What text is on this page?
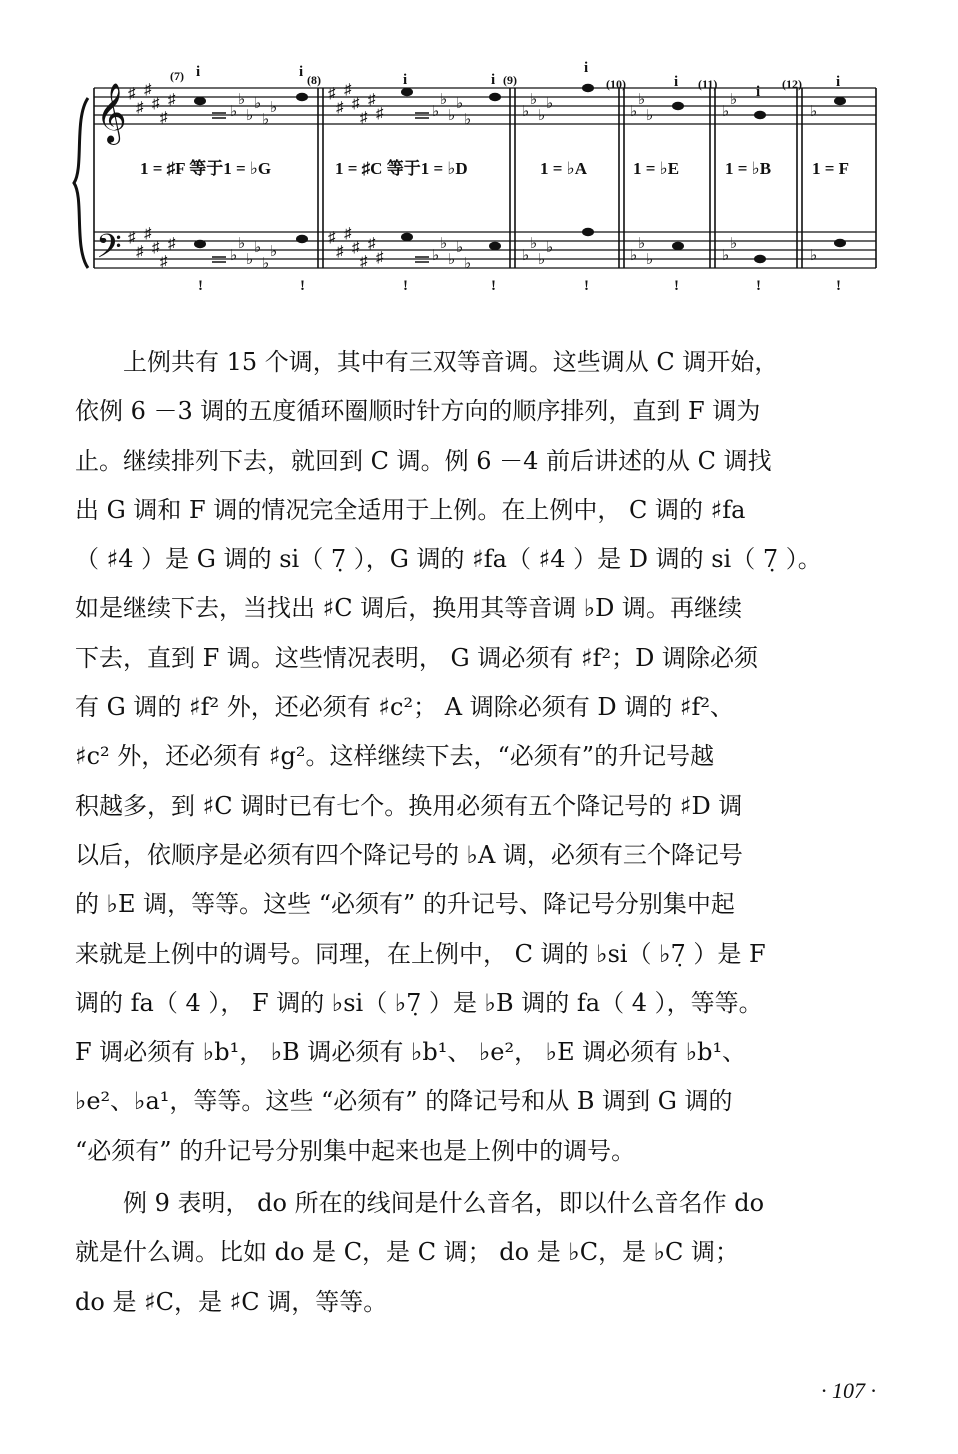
𝄞
𝄢
♯
♯
♯
♯
♯
♯
♭
♭
♭
♭
♭
♭
♯
♯
♯
♯
♯
♯
♯	♭
♭
♭
♭
♭	♭
♭
♭
♭	♭
♭
♭	♭
♭
♭
i	i	i	i
i
i
i
i
♯
♯
♯
♯
♯
♯
♭
♭
♭
♭
♭
♭
♯
♯
♯
♯
♯
♯
♯	♭
♭
♭
♭
♭	♭
♭
♭
♭	♭
♭
♭	♭
♭
♭
!	!	!	!	!	!	!	!
(7)	(8)	(9)	(10)	(11)	(12)
1 = ♯F 等于1 = ♭G	1 = ♯C 等于1 = ♭D	1 = ♭A	1 = ♭E	1 = ♭B 1 = F

　　上例共有 15 个调，其中有三双等音调。这些调从 C 调开始，
依例 6 －3 调的五度循环圈顺时针方向的顺序排列，直到 F 调为
止。继续排列下去，就回到 C 调。例 6 －4 前后讲述的从 C 调找
出 G 调和 F 调的情况完全适用于上例。在上例中， C 调的 ♯fa
（ ♯4̇ ）是 G 调的 si（ 7̣ ），G 调的 ♯fa（ ♯4 ）是 D 调的 si（ 7̣ ）。
如是继续下去，当找出 ♯C 调后，换用其等音调 ♭D 调。再继续
下去，直到 F 调。这些情况表明， G 调必须有 ♯f²；D 调除必须
有 G 调的 ♯f² 外，还必须有 ♯c²； A 调除必须有 D 调的 ♯f²、
♯c² 外，还必须有 ♯g²。这样继续下去，“必须有”的升记号越
积越多，到 ♯C 调时已有七个。换用必须有五个降记号的 ♯D 调
以后，依顺序是必须有四个降记号的 ♭A 调，必须有三个降记号
的 ♭E 调，等等。这些 “必须有” 的升记号、降记号分别集中起
来就是上例中的调号。同理，在上例中， C 调的 ♭si（ ♭7̣ ）是 F
调的 fa（ 4 ）， F 调的 ♭si（ ♭7̣ ）是 ♭B 调的 fa（ 4̇ ），等等。
F 调必须有 ♭b¹， ♭B 调必须有 ♭b¹、 ♭e²， ♭E 调必须有 ♭b¹、
♭e²、♭a¹，等等。这些 “必须有” 的降记号和从 B 调到 G 调的
“必须有” 的升记号分别集中起来也是上例中的调号。

　　例 9 表明， do 所在的线间是什么音名，即以什么音名作 do
就是什么调。比如 do 是 C，是 C 调； do 是 ♭C，是 ♭C 调；
do 是 ♯C，是 ♯C 调，等等。

· 107 ·
